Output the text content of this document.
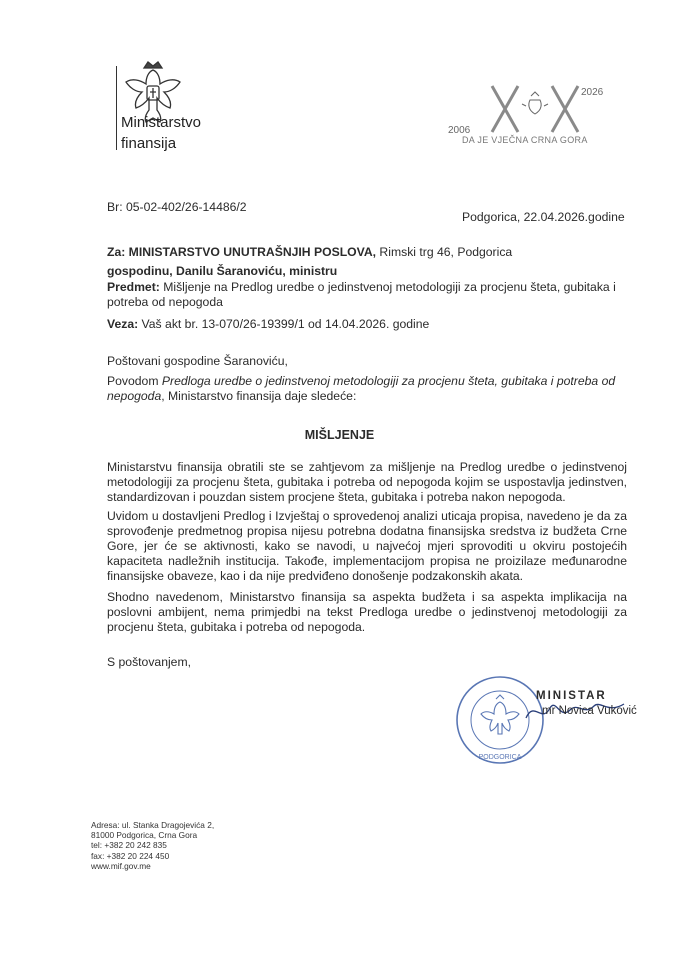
Ministarstvo
finansija
2006
2026
DA JE VJEČNA CRNA GORA
Br: 05-02-402/26-14486/2
Podgorica, 22.04.2026.godine
Za: MINISTARSTVO UNUTRAŠNJIH POSLOVA, Rimski trg 46, Podgorica
gospodinu, Danilu Šaranoviću, ministru
Predmet: Mišljenje na Predlog uredbe o jedinstvenoj metodologiji za procjenu šteta, gubitaka i potreba od nepogoda
Veza: Vaš akt br. 13-070/26-19399/1 od 14.04.2026. godine
Poštovani gospodine Šaranoviću,
Povodom Predloga uredbe o jedinstvenoj metodologiji za procjenu šteta, gubitaka i potreba od nepogoda, Ministarstvo finansija daje sledeće:
MIŠLJENJE
Ministarstvu finansija obratili ste se zahtjevom za mišljenje na Predlog uredbe o jedinstvenoj metodologiji za procjenu šteta, gubitaka i potreba od nepogoda kojim se uspostavlja jedinstven, standardizovan i pouzdan sistem procjene šteta, gubitaka i potreba nakon nepogoda.
Uvidom u dostavljeni Predlog i Izvještaj o sprovedenoj analizi uticaja propisa, navedeno je da za sprovođenje predmetnog propisa nijesu potrebna dodatna finansijska sredstva iz budžeta Crne Gore, jer će se aktivnosti, kako se navodi, u najvećoj mjeri sprovoditi u okviru postojećih kapaciteta nadležnih institucija. Takođe, implementacijom propisa ne proizilaze međunarodne finansijske obaveze, kao i da nije predviđeno donošenje podzakonskih akata.
Shodno navedenom, Ministarstvo finansija sa aspekta budžeta i sa aspekta implikacija na poslovni ambijent, nema primjedbi na tekst Predloga uredbe o jedinstvenoj metodologiji za procjenu šteta, gubitaka i potreba od nepogoda.
S poštovanjem,
PODGORICA
MINISTAR
mr Novica Vuković
Adresa: ul. Stanka Dragojevića 2,
81000 Podgorica, Crna Gora
tel: +382 20 242 835
fax: +382 20 224 450
www.mif.gov.me
